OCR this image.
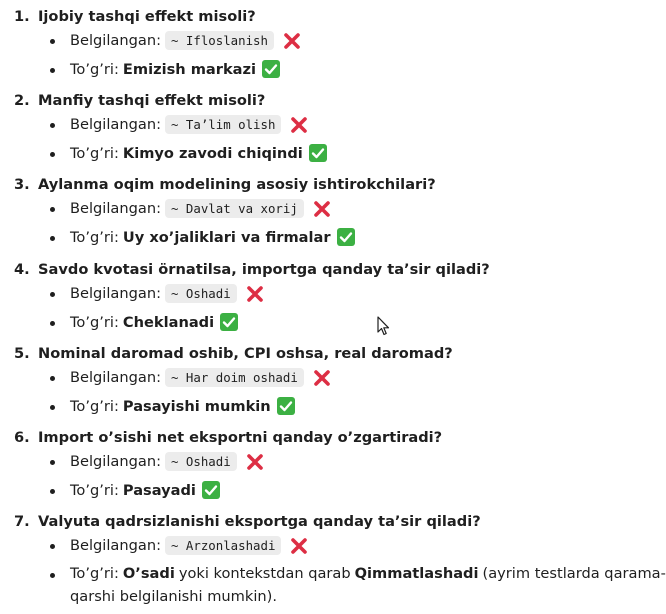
1. Ijobiy tashqi effekt misoli?
Belgilangan: ~ Ifloslanish
To’g’ri: Emizish markazi
2. Manfiy tashqi effekt misoli?
Belgilangan: ~ Ta’lim olish
To’g’ri: Kimyo zavodi chiqindi
3. Aylanma oqim modelining asosiy ishtirokchilari?
Belgilangan: ~ Davlat va xorij
To’g’ri: Uy xo’jaliklari va firmalar
4. Savdo kvotasi örnatilsa, importga qanday ta’sir qiladi?
Belgilangan: ~ Oshadi
To’g’ri: Cheklanadi
5. Nominal daromad oshib, CPI oshsa, real daromad?
Belgilangan: ~ Har doim oshadi
To’g’ri: Pasayishi mumkin
6. Import o’sishi net eksportni qanday o’zgartiradi?
Belgilangan: ~ Oshadi
To’g’ri: Pasayadi
7. Valyuta qadrsizlanishi eksportga qanday ta’sir qiladi?
Belgilangan: ~ Arzonlashadi
To’g’ri: O’sadi yoki kontekstdan qarab Qimmatlashadi (ayrim testlarda qarama-
qarshi belgilanishi mumkin).
